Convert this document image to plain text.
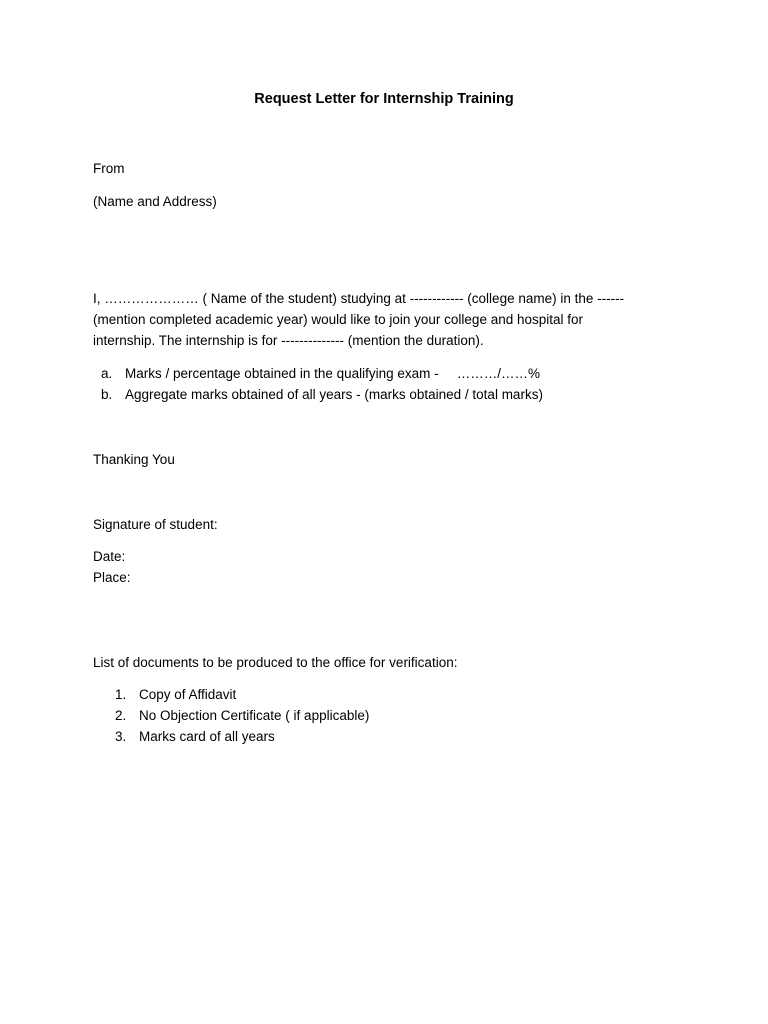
Request Letter for Internship Training
From
(Name and Address)
I, ………………… ( Name of the student) studying at ------------ (college name) in the ------
(mention completed academic year) would like to join your college and hospital for
internship. The internship is for -------------- (mention the duration).
a. Marks / percentage obtained in the qualifying exam - ………/……%
b. Aggregate marks obtained of all years - (marks obtained / total marks)
Thanking You
Signature of student:
Date:
Place:
List of documents to be produced to the office for verification:
1. Copy of Affidavit
2. No Objection Certificate ( if applicable)
3. Marks card of all years
